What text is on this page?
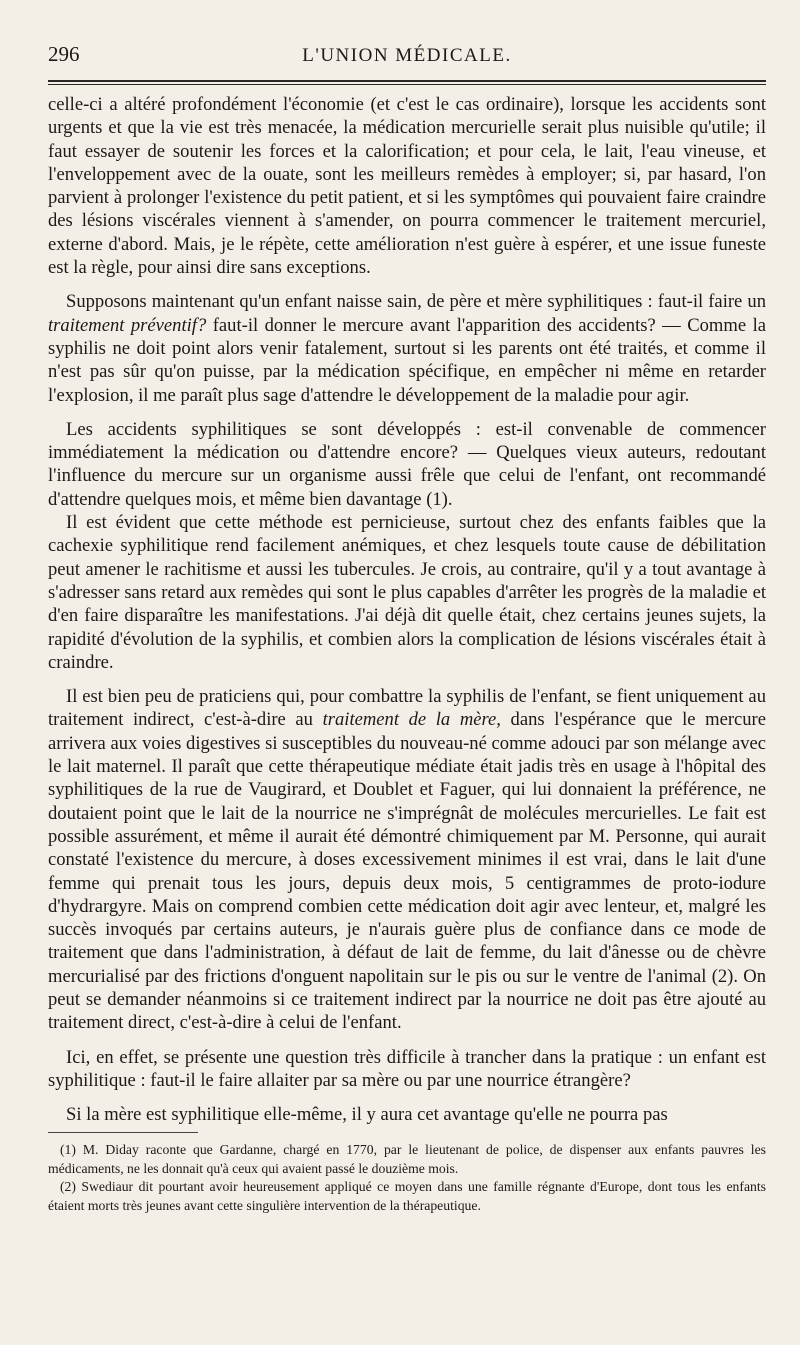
296	L'UNION MÉDICALE.

celle-ci a altéré profondément l'économie (et c'est le cas ordinaire), lorsque les accidents sont urgents et que la vie est très menacée, la médication mercurielle serait plus nuisible qu'utile; il faut essayer de soutenir les forces et la calorification; et pour cela, le lait, l'eau vineuse, et l'enveloppement avec de la ouate, sont les meilleurs remèdes à employer; si, par hasard, l'on parvient à prolonger l'existence du petit patient, et si les symptômes qui pouvaient faire craindre des lésions viscérales viennent à s'amender, on pourra commencer le traitement mercuriel, externe d'abord. Mais, je le répète, cette amélioration n'est guère à espérer, et une issue funeste est la règle, pour ainsi dire sans exceptions.

Supposons maintenant qu'un enfant naisse sain, de père et mère syphilitiques : faut-il faire un traitement préventif? faut-il donner le mercure avant l'apparition des accidents? — Comme la syphilis ne doit point alors venir fatalement, surtout si les parents ont été traités, et comme il n'est pas sûr qu'on puisse, par la médication spécifique, en empêcher ni même en retarder l'explosion, il me paraît plus sage d'attendre le développement de la maladie pour agir.

Les accidents syphilitiques se sont développés : est-il convenable de commencer immédiatement la médication ou d'attendre encore? — Quelques vieux auteurs, redoutant l'influence du mercure sur un organisme aussi frêle que celui de l'enfant, ont recommandé d'attendre quelques mois, et même bien davantage (1).

Il est évident que cette méthode est pernicieuse, surtout chez des enfants faibles que la cachexie syphilitique rend facilement anémiques, et chez lesquels toute cause de débilitation peut amener le rachitisme et aussi les tubercules. Je crois, au contraire, qu'il y a tout avantage à s'adresser sans retard aux remèdes qui sont le plus capables d'arrêter les progrès de la maladie et d'en faire disparaître les manifestations. J'ai déjà dit quelle était, chez certains jeunes sujets, la rapidité d'évolution de la syphilis, et combien alors la complication de lésions viscérales était à craindre.

Il est bien peu de praticiens qui, pour combattre la syphilis de l'enfant, se fient uniquement au traitement indirect, c'est-à-dire au traitement de la mère, dans l'espérance que le mercure arrivera aux voies digestives si susceptibles du nouveau-né comme adouci par son mélange avec le lait maternel. Il paraît que cette thérapeutique médiate était jadis très en usage à l'hôpital des syphilitiques de la rue de Vaugirard, et Doublet et Faguer, qui lui donnaient la préférence, ne doutaient point que le lait de la nourrice ne s'imprégnât de molécules mercurielles. Le fait est possible assurément, et même il aurait été démontré chimiquement par M. Personne, qui aurait constaté l'existence du mercure, à doses excessivement minimes il est vrai, dans le lait d'une femme qui prenait tous les jours, depuis deux mois, 5 centigrammes de proto-iodure d'hydrargyre. Mais on comprend combien cette médication doit agir avec lenteur, et, malgré les succès invoqués par certains auteurs, je n'aurais guère plus de confiance dans ce mode de traitement que dans l'administration, à défaut de lait de femme, du lait d'ânesse ou de chèvre mercurialisé par des frictions d'onguent napolitain sur le pis ou sur le ventre de l'animal (2). On peut se demander néanmoins si ce traitement indirect par la nourrice ne doit pas être ajouté au traitement direct, c'est-à-dire à celui de l'enfant.

Ici, en effet, se présente une question très difficile à trancher dans la pratique : un enfant est syphilitique : faut-il le faire allaiter par sa mère ou par une nourrice étrangère?

Si la mère est syphilitique elle-même, il y aura cet avantage qu'elle ne pourra pas

(1) M. Diday raconte que Gardanne, chargé en 1770, par le lieutenant de police, de dispenser aux enfants pauvres les médicaments, ne les donnait qu'à ceux qui avaient passé le douzième mois.

(2) Swediaur dit pourtant avoir heureusement appliqué ce moyen dans une famille régnante d'Europe, dont tous les enfants étaient morts très jeunes avant cette singulière intervention de la thérapeutique.
